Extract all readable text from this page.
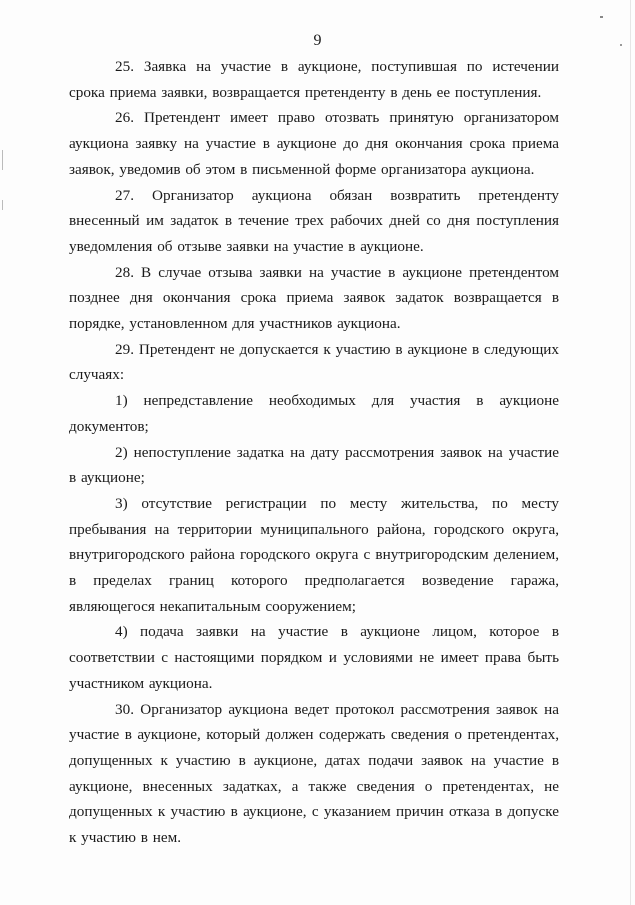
9

25. Заявка на участие в аукционе, поступившая по истечении срока приема заявки, возвращается претенденту в день ее поступления.

26. Претендент имеет право отозвать принятую организатором аукциона заявку на участие в аукционе до дня окончания срока приема заявок, уведомив об этом в письменной форме организатора аукциона.

27. Организатор аукциона обязан возвратить претенденту внесенный им задаток в течение трех рабочих дней со дня поступления уведомления об отзыве заявки на участие в аукционе.

28. В случае отзыва заявки на участие в аукционе претендентом позднее дня окончания срока приема заявок задаток возвращается в порядке, установленном для участников аукциона.

29. Претендент не допускается к участию в аукционе в следующих случаях:

1) непредставление необходимых для участия в аукционе документов;

2) непоступление задатка на дату рассмотрения заявок на участие в аукционе;

3) отсутствие регистрации по месту жительства, по месту пребывания на территории муниципального района, городского округа, внутригородского района городского округа с внутригородским делением, в пределах границ которого предполагается возведение гаража, являющегося некапитальным сооружением;

4) подача заявки на участие в аукционе лицом, которое в соответствии с настоящими порядком и условиями не имеет права быть участником аукциона.

30. Организатор аукциона ведет протокол рассмотрения заявок на участие в аукционе, который должен содержать сведения о претендентах, допущенных к участию в аукционе, датах подачи заявок на участие в аукционе, внесенных задатках, а также сведения о претендентах, не допущенных к участию в аукционе, с указанием причин отказа в допуске к участию в нем.
